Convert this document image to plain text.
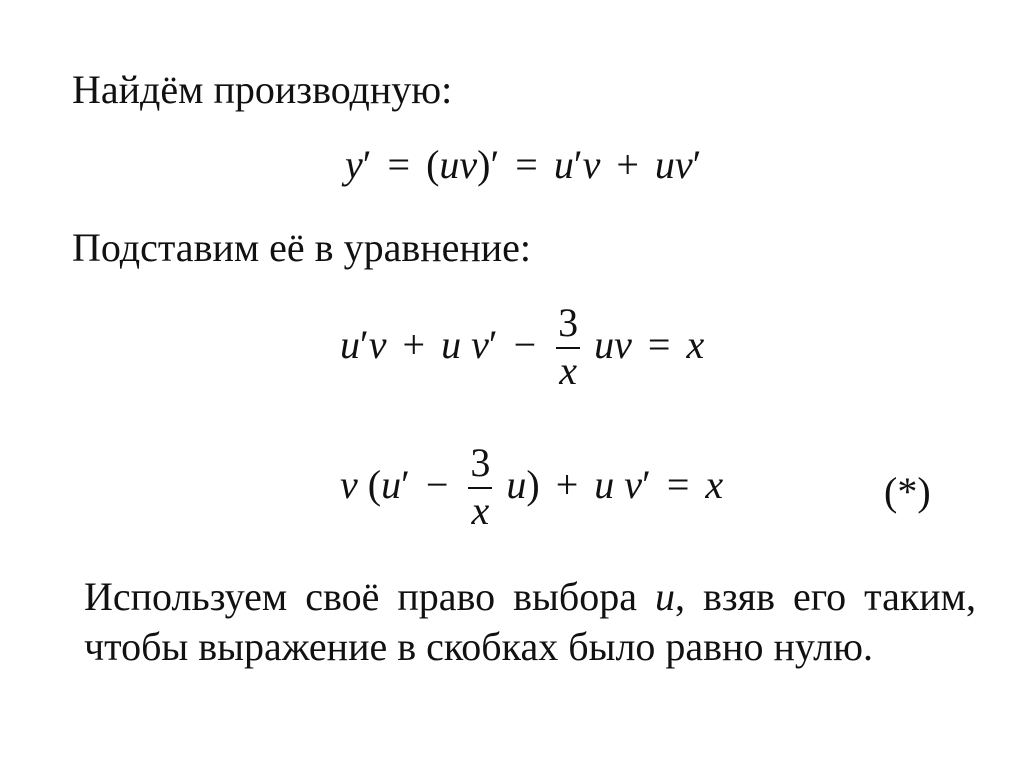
Найдём производную:
y′ = (uv)′ = u′v + uv′
Подставим её в уравнение:
u′v + u $v' - \frac{3}{x}$ uv = x
v $(u' - \frac{3}{x} u) + u$ v′ = x	(*)
Используем своё право выбора u, взяв его таким, чтобы выражение в скобках было равно нулю.
